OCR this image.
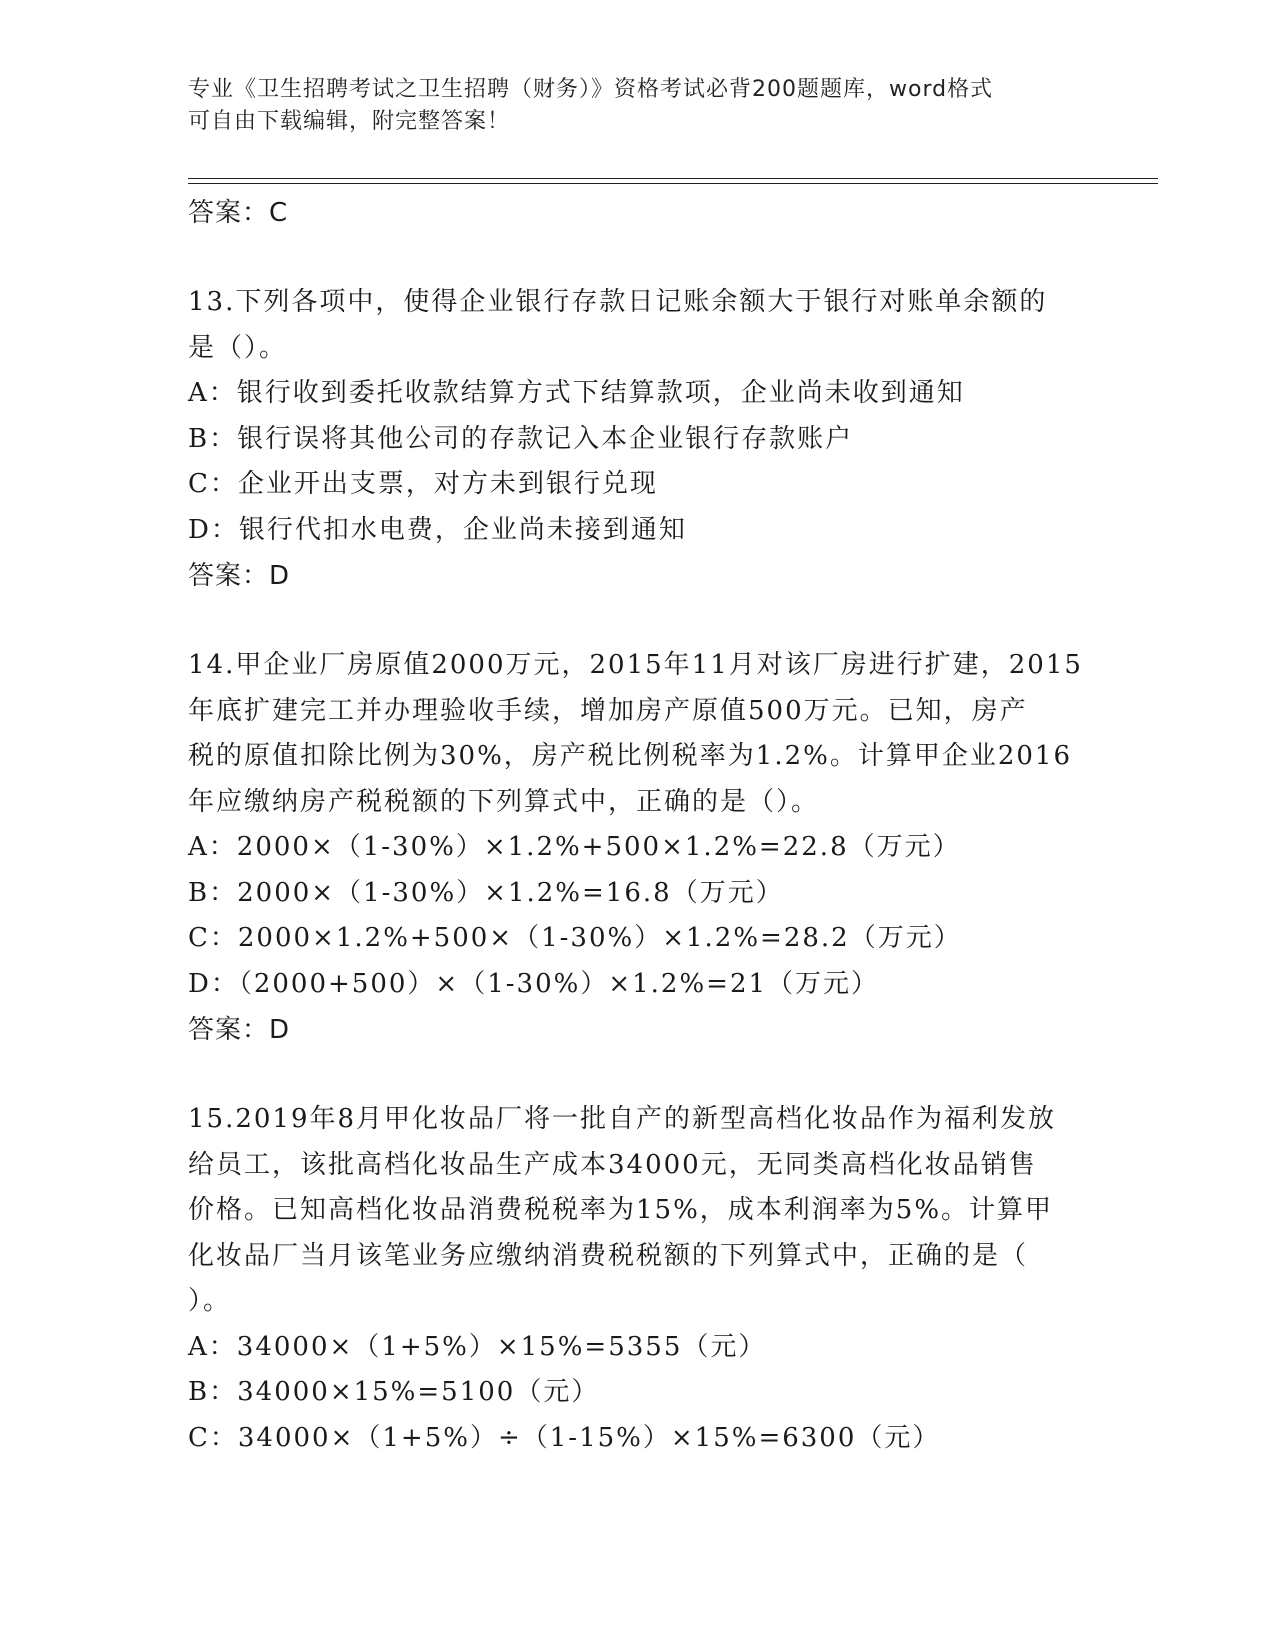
专业《卫生招聘考试之卫生招聘（财务）》资格考试必背200题题库，word格式
可自由下载编辑，附完整答案！
答案：C
13.下列各项中，使得企业银行存款日记账余额大于银行对账单余额的
是（）。
A：银行收到委托收款结算方式下结算款项，企业尚未收到通知
B：银行误将其他公司的存款记入本企业银行存款账户
C：企业开出支票，对方未到银行兑现
D：银行代扣水电费，企业尚未接到通知
答案：D
14.甲企业厂房原值2000万元，2015年11月对该厂房进行扩建，2015
年底扩建完工并办理验收手续，增加房产原值500万元。已知，房产
税的原值扣除比例为30%，房产税比例税率为1.2%。计算甲企业2016
年应缴纳房产税税额的下列算式中，正确的是（）。
A：2000×（1-30%）×1.2%+500×1.2%=22.8（万元）
B：2000×（1-30%）×1.2%=16.8（万元）
C：2000×1.2%+500×（1-30%）×1.2%=28.2（万元）
D：（2000+500）×（1-30%）×1.2%=21（万元）
答案：D
15.2019年8月甲化妆品厂将一批自产的新型高档化妆品作为福利发放
给员工，该批高档化妆品生产成本34000元，无同类高档化妆品销售
价格。已知高档化妆品消费税税率为15%，成本利润率为5%。计算甲
化妆品厂当月该笔业务应缴纳消费税税额的下列算式中，正确的是（
）。
A：34000×（1+5%）×15%=5355（元）
B：34000×15%=5100（元）
C：34000×（1+5%）÷（1-15%）×15%=6300（元）
